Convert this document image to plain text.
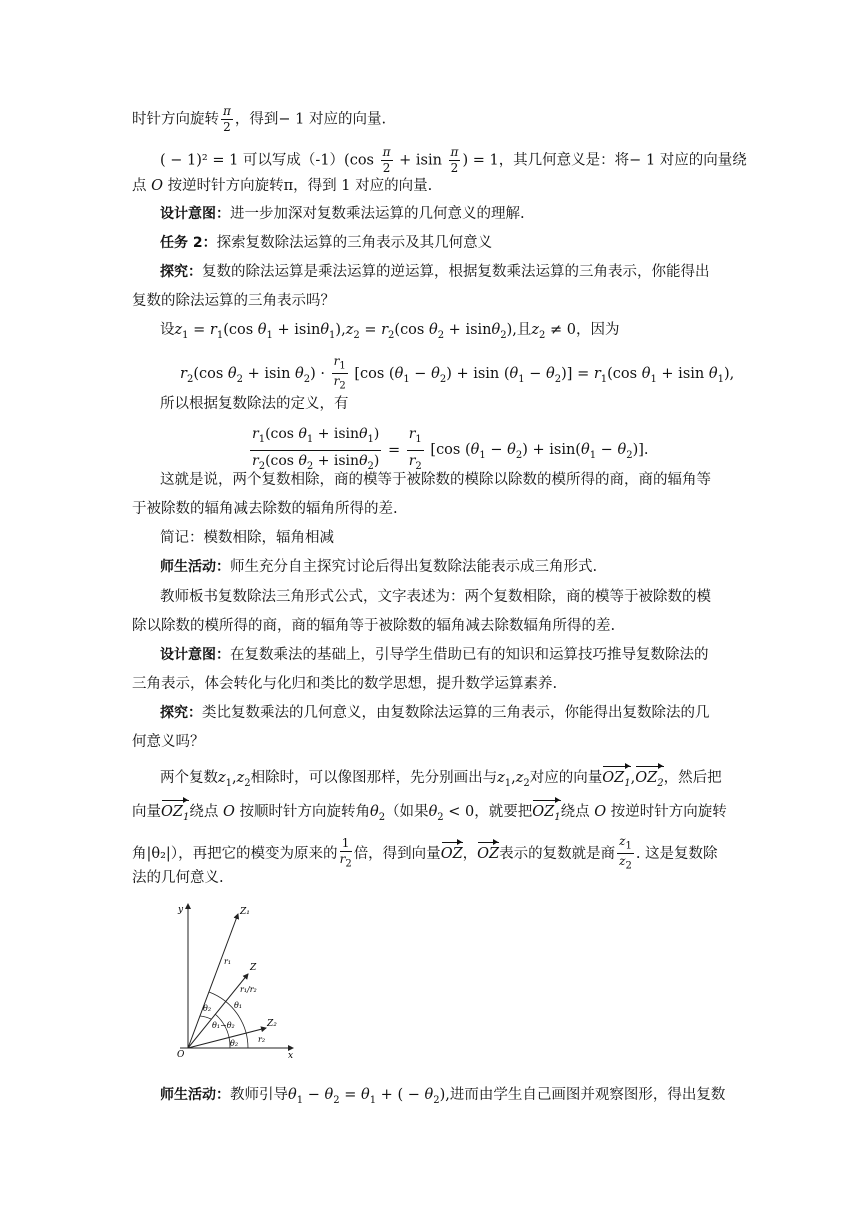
时针方向旋转 $\frac{\pi}{2}$ ，得到− 1 对应的向量.
( − 1)² = 1 可以写成$(-1)(\cos \frac{\pi}{2} + isin \frac{\pi}{2}$ ) = 1，其几何意义是：将− 1 对应的向量绕
点 O 按逆时针方向旋转π，得到 1 对应的向量.
设计意图：进一步加深对复数乘法运算的几何意义的理解.
任务 2：探索复数除法运算的三角表示及其几何意义
探究：复数的除法运算是乘法运算的逆运算，根据复数乘法运算的三角表示，你能得出
复数的除法运算的三角表示吗？
设$z_1 = r_1(\cos$ $\theta_1 + isin\theta_1),z_2 = r_2(\cos$ $\theta_2 + isin\theta_2$),且$z_2 \ne 0$，因为
$r_2(\cos$ $\theta_2 + isin$ $\theta_2) \cdot \frac{r_1}{r_2} [\cos$ $(\theta_1 - \theta_2) + isin$ $(\theta_1 - \theta_2)] = r_1(\cos$ $\theta_1 + isin$ $\theta_1$),
所以根据复数除法的定义，有
$\frac{r_1(\cos \theta_1 + isin\theta_1)}{r_2(\cos \theta_2 + isin\theta_2)} = \frac{r_1}{r_2} [\cos$ $(\theta_1 - \theta_2) + isin(\theta_1 - \theta_2)$].
这就是说，两个复数相除，商的模等于被除数的模除以除数的模所得的商，商的辐角等
于被除数的辐角减去除数的辐角所得的差.
简记：模数相除，辐角相减
师生活动：师生充分自主探究讨论后得出复数除法能表示成三角形式.
教师板书复数除法三角形式公式，文字表述为：两个复数相除，商的模等于被除数的模
除以除数的模所得的商，商的辐角等于被除数的辐角减去除数辐角所得的差.
设计意图：在复数乘法的基础上，引导学生借助已有的知识和运算技巧推导复数除法的
三角表示，体会转化与化归和类比的数学思想，提升数学运算素养.
探究：类比复数乘法的几何意义，由复数除法运算的三角表示，你能得出复数除法的几
何意义吗？
两个复数$z_1,z_2$相除时，可以像图那样，先分别画出与$z_1,z_2$对应的向量$OZ_1,OZ_2$，然后把
向量$OZ_1$绕点 O 按顺时针方向旋转角$\theta_2$（如果$\theta_2 < 0$，就要把$OZ_1$绕点 O 按逆时针方向旋转
角|θ₂|），再把它的模变为原来的 $\frac{1}{r_2}$ 倍，得到向量OZ，OZ表示的复数就是商 $\frac{z_1}{z_2}$ . 这是复数除
法的几何意义.
y
x
O
Z₁
Z
Z₂
r₁
r₁/r₂
r₂
θ₁
θ₂
θ₁−θ₂
θ₂
师生活动：教师引导$\theta_1 - \theta_2 = \theta_1$ + ( − $\theta_2$),进而由学生自己画图并观察图形，得出复数
